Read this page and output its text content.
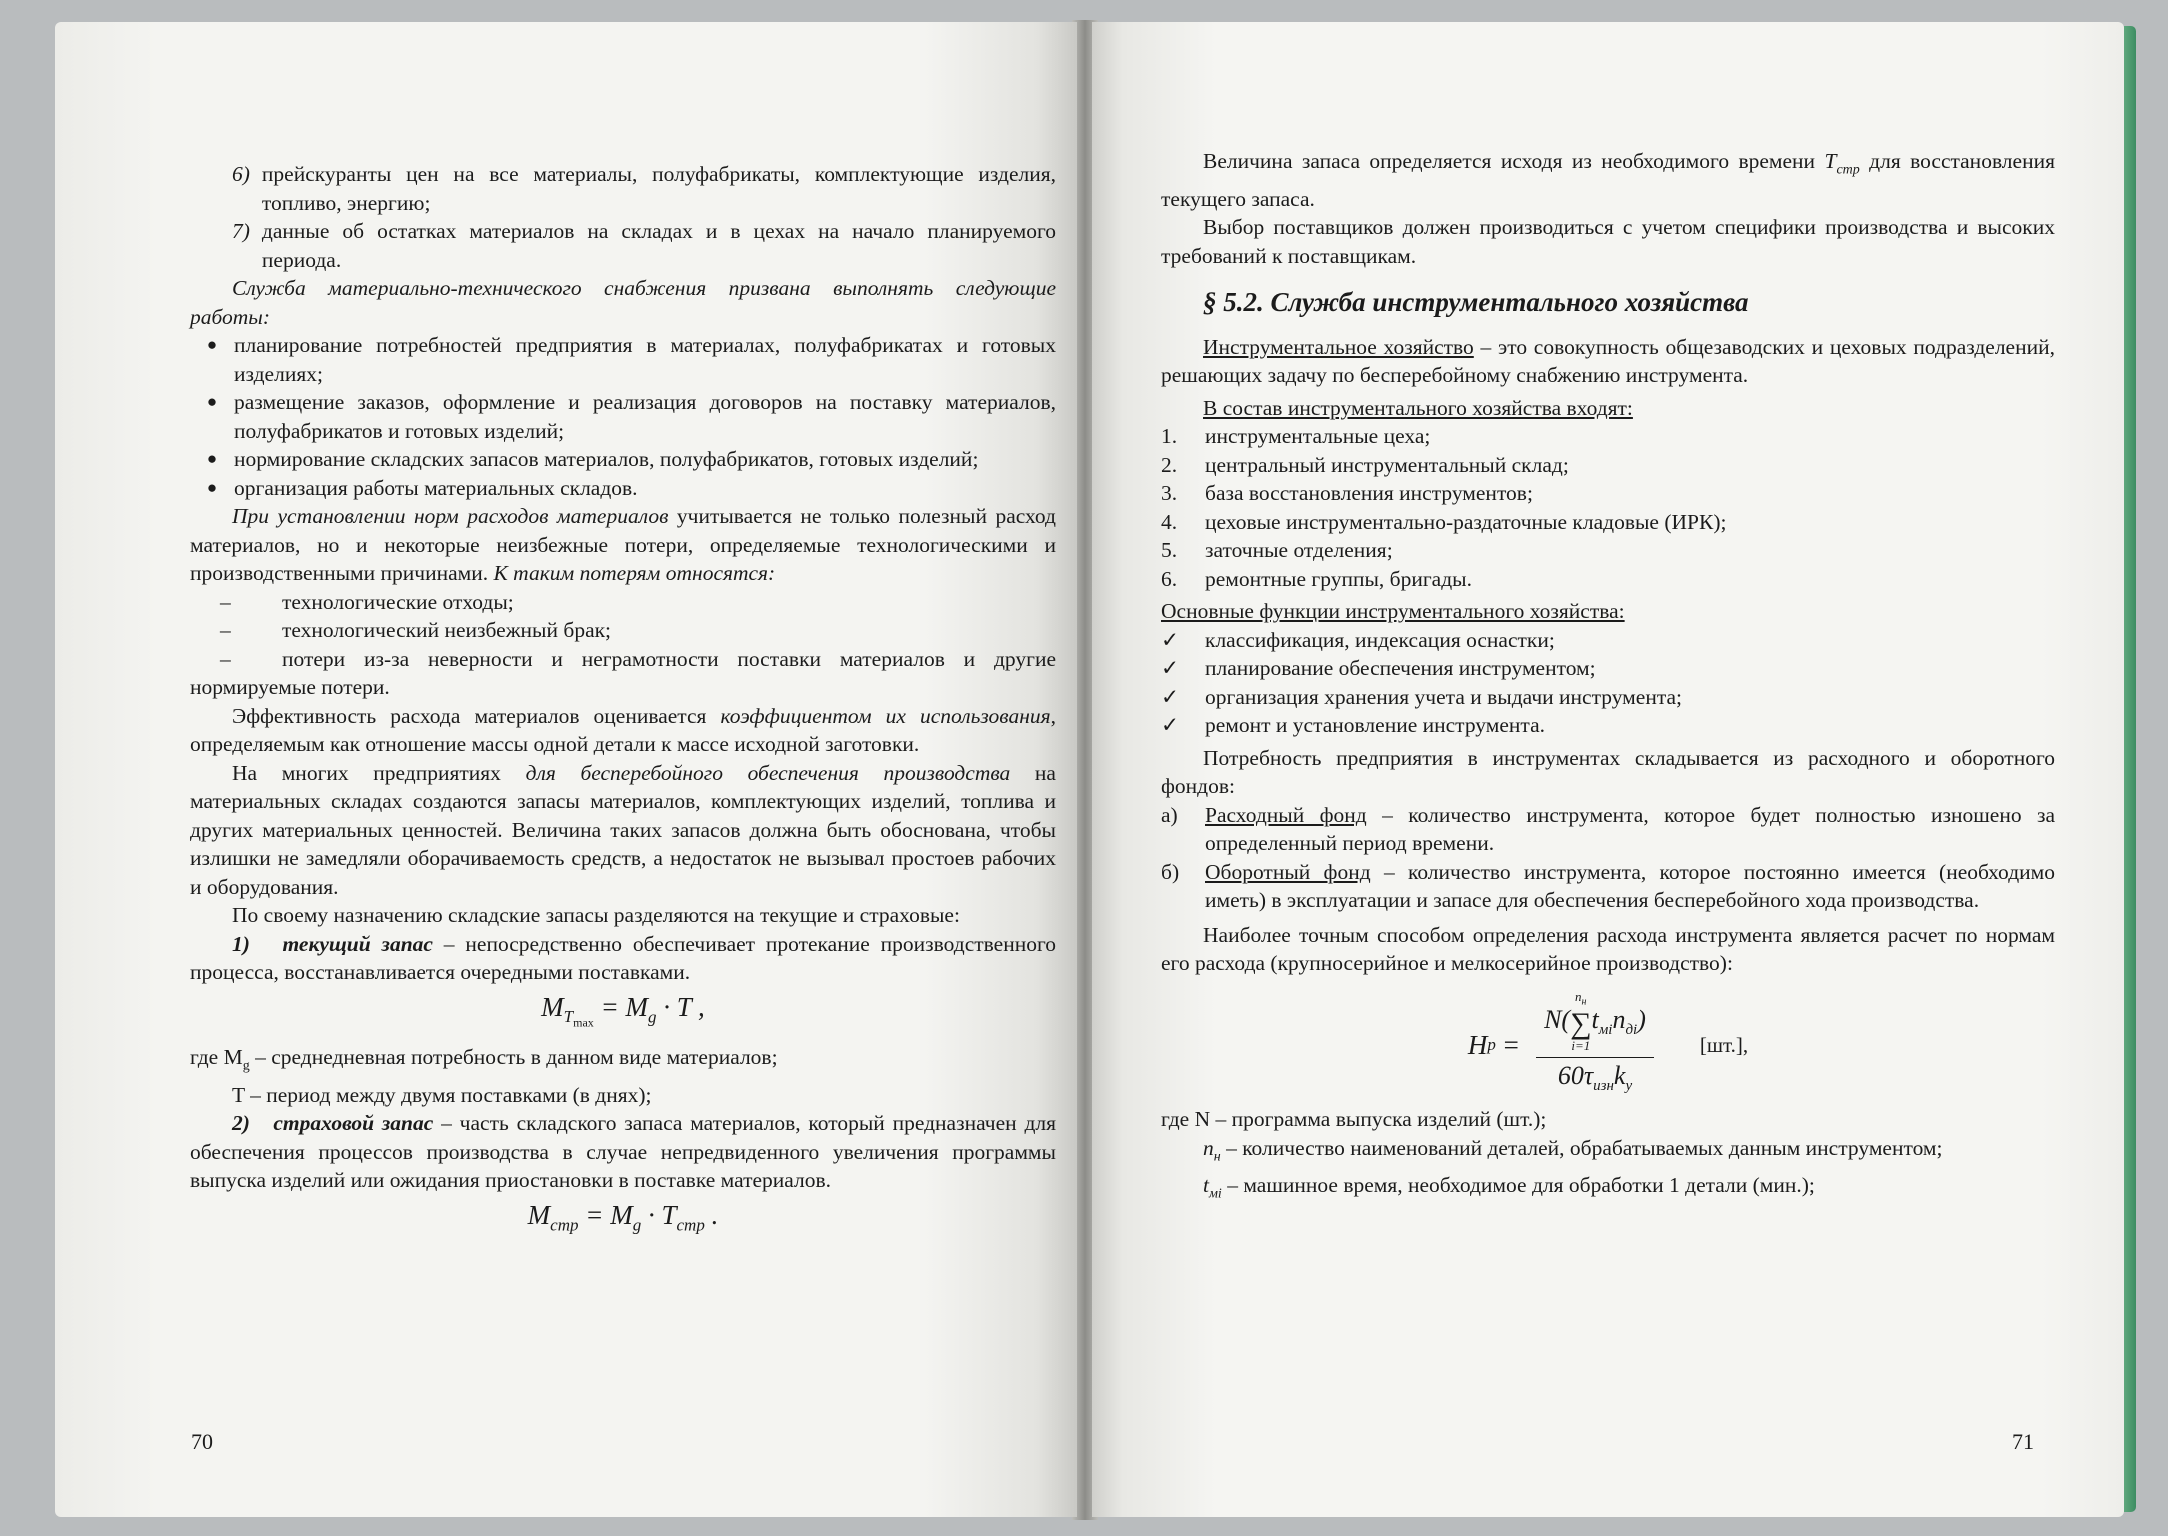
6) прейскуранты цен на все материалы, полуфабрикаты, комплектующие изделия, топливо, энергию;
7) данные об остатках материалов на складах и в цехах на начало планируемого периода.

Служба материально-технического снабжения призвана выполнять следующие работы:

● планирование потребностей предприятия в материалах, полуфабрикатах и готовых изделиях;
● размещение заказов, оформление и реализация договоров на поставку материалов, полуфабрикатов и готовых изделий;
● нормирование складских запасов материалов, полуфабрикатов, готовых изделий;
● организация работы материальных складов.

При установлении норм расходов материалов учитывается не только полезный расход материалов, но и некоторые неизбежные потери, определяемые технологическими и производственными причинами. К таким потерям относятся:

–	технологические отходы;
–	технологический неизбежный брак;

– потери из-за неверности и неграмотности поставки материалов и другие нормируемые потери.

Эффективность расхода материалов оценивается коэффициентом их использования, определяемым как отношение массы одной детали к массе исходной заготовки.

На многих предприятиях для бесперебойного обеспечения производства на материальных складах создаются запасы материалов, комплектующих изделий, топлива и других материальных ценностей. Величина таких запасов должна быть обоснована, чтобы излишки не замедляли оборачиваемость средств, а недостаток не вызывал простоев рабочих и оборудования.

По своему назначению складские запасы разделяются на текущие и страховые:

1) текущий запас – непосредственно обеспечивает протекание производственного процесса, восстанавливается очередными поставками.

$M_{T_{max}} = M_g \cdot T$ ,

где $M_g$ – среднедневная потребность в данном виде материалов;

T – период между двумя поставками (в днях);

2) страховой запас – часть складского запаса материалов, который предназначен для обеспечения процессов производства в случае непредвиденного увеличения программы выпуска изделий или ожидания приостановки в поставке материалов.

$M_{стр} = M_g \cdot T_{стр}$ .
70

Величина запаса определяется исходя из необходимого времени $T_{стр}$ для восстановления текущего запаса.

Выбор поставщиков должен производиться с учетом специфики производства и высоких требований к поставщикам.

§ 5.2. Служба инструментального хозяйства

Инструментальное хозяйство – это совокупность общезаводских и цеховых подразделений, решающих задачу по бесперебойному снабжению инструмента.

В состав инструментального хозяйства входят:

1.	инструментальные цеха;
2.	центральный инструментальный склад;
3.	база восстановления инструментов;
4.	цеховые инструментально-раздаточные кладовые (ИРК);
5.	заточные отделения;
6.	ремонтные группы, бригады.

Основные функции инструментального хозяйства:

✓	классификация, индексация оснастки;
✓	планирование обеспечения инструментом;
✓	организация хранения учета и выдачи инструмента;
✓	ремонт и установление инструмента.

Потребность предприятия в инструментах складывается из расходного и оборотного фондов:

а)	Расходный фонд – количество инструмента, которое будет полностью изношено за определенный период времени.
б)	Оборотный фонд – количество инструмента, которое постоянно имеется (необходимо иметь) в эксплуатации и запасе для обеспечения бесперебойного хода производства.

Наиболее точным способом определения расхода инструмента является расчет по нормам его расхода (крупносерийное и мелкосерийное производство):

H p = N(
$n_н$
∑
i=1
$t_{мi}n_{дi}$)
$60\tau_{изн}k_у$ [шт.],

где N – программа выпуска изделий (шт.);

$n_н$ – количество наименований деталей, обрабатываемых данным инструментом;

$t_{мi}$ – машинное время, необходимое для обработки 1 детали (мин.);

71
